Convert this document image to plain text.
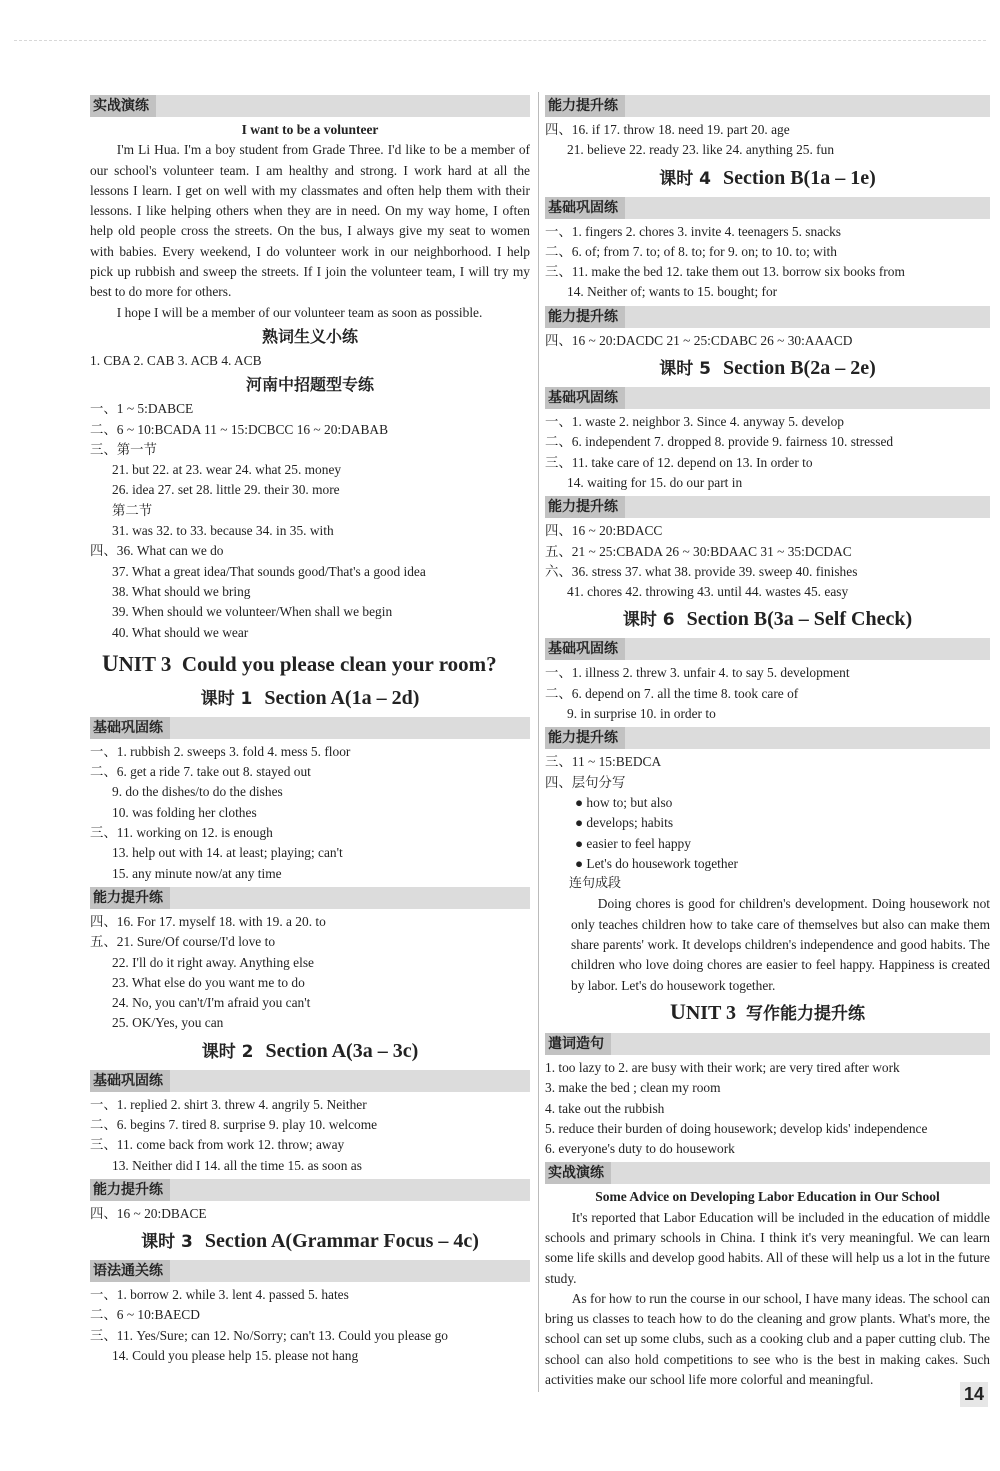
实战演练
I want to be a volunteer
I'm Li Hua. I'm a boy student from Grade Three. I'd like to be a member of our school's volunteer team. I am healthy and strong. I work hard at all the lessons I learn. I get on well with my classmates and often help them with their lessons. I like helping others when they are in need. On my way home, I often help old people cross the streets. On the bus, I always give my seat to women with babies. Every weekend, I do volunteer work in our neighborhood. I help pick up rubbish and sweep the streets. If I join the volunteer team, I will try my best to do more for others.
I hope I will be a member of our volunteer team as soon as possible.
熟词生义小练
1. CBA 2. CAB 3. ACB 4. ACB
河南中招题型专练
一、1 ~ 5:DABCE
二、6 ~ 10:BCADA 11 ~ 15:DCBCC 16 ~ 20:DABAB
三、第一节
21. but 22. at 23. wear 24. what 25. money
26. idea 27. set 28. little 29. their 30. more
第二节
31. was 32. to 33. because 34. in 35. with
四、36. What can we do
37. What a great idea/That sounds good/That's a good idea
38. What should we bring
39. When should we volunteer/When shall we begin
40. What should we wear
UNIT 3 Could you please clean your room?
课时 1 Section A(1a – 2d)
基础巩固练
一、1. rubbish 2. sweeps 3. fold 4. mess 5. floor
二、6. get a ride 7. take out 8. stayed out
9. do the dishes/to do the dishes
10. was folding her clothes
三、11. working on 12. is enough
13. help out with 14. at least; playing; can't
15. any minute now/at any time
能力提升练
四、16. For 17. myself 18. with 19. a 20. to
五、21. Sure/Of course/I'd love to
22. I'll do it right away. Anything else
23. What else do you want me to do
24. No, you can't/I'm afraid you can't
25. OK/Yes, you can
课时 2 Section A(3a – 3c)
基础巩固练
一、1. replied 2. shirt 3. threw 4. angrily 5. Neither
二、6. begins 7. tired 8. surprise 9. play 10. welcome
三、11. come back from work 12. throw; away
13. Neither did I 14. all the time 15. as soon as
能力提升练
四、16 ~ 20:DBACE
课时 3 Section A(Grammar Focus – 4c)
语法通关练
一、1. borrow 2. while 3. lent 4. passed 5. hates
二、6 ~ 10:BAECD
三、11. Yes/Sure; can 12. No/Sorry; can't 13. Could you please go
14. Could you please help 15. please not hang
能力提升练
四、16. if 17. throw 18. need 19. part 20. age
21. believe 22. ready 23. like 24. anything 25. fun
课时 4 Section B(1a – 1e)
基础巩固练
一、1. fingers 2. chores 3. invite 4. teenagers 5. snacks
二、6. of; from 7. to; of 8. to; for 9. on; to 10. to; with
三、11. make the bed 12. take them out 13. borrow six books from
14. Neither of; wants to 15. bought; for
能力提升练
四、16 ~ 20:DACDC 21 ~ 25:CDABC 26 ~ 30:AAACD
课时 5 Section B(2a – 2e)
基础巩固练
一、1. waste 2. neighbor 3. Since 4. anyway 5. develop
二、6. independent 7. dropped 8. provide 9. fairness 10. stressed
三、11. take care of 12. depend on 13. In order to
14. waiting for 15. do our part in
能力提升练
四、16 ~ 20:BDACC
五、21 ~ 25:CBADA 26 ~ 30:BDAAC 31 ~ 35:DCDAC
六、36. stress 37. what 38. provide 39. sweep 40. finishes
41. chores 42. throwing 43. until 44. wastes 45. easy
课时 6 Section B(3a – Self Check)
基础巩固练
一、1. illness 2. threw 3. unfair 4. to say 5. development
二、6. depend on 7. all the time 8. took care of
9. in surprise 10. in order to
能力提升练
三、11 ~ 15:BEDCA
四、层句分写
● how to; but also
● develops; habits
● easier to feel happy
● Let's do housework together
连句成段
Doing chores is good for children's development. Doing housework not only teaches children how to take care of themselves but also can make them share parents' work. It develops children's independence and good habits. The children who love doing chores are easier to feel happy. Happiness is created by labor. Let's do housework together.
UNIT 3 写作能力提升练
遣词造句
1. too lazy to 2. are busy with their work; are very tired after work
3. make the bed ; clean my room
4. take out the rubbish
5. reduce their burden of doing housework; develop kids' independence
6. everyone's duty to do housework
实战演练
Some Advice on Developing Labor Education in Our School
It's reported that Labor Education will be included in the education of middle schools and primary schools in China. I think it's very meaningful. We can learn some life skills and develop good habits. All of these will help us a lot in the future study.
As for how to run the course in our school, I have many ideas. The school can bring us classes to teach how to do the cleaning and grow plants. What's more, the school can set up some clubs, such as a cooking club and a paper cutting club. The school can also hold competitions to see who is the best in making cakes. Such activities make our school life more colorful and meaningful.
14
